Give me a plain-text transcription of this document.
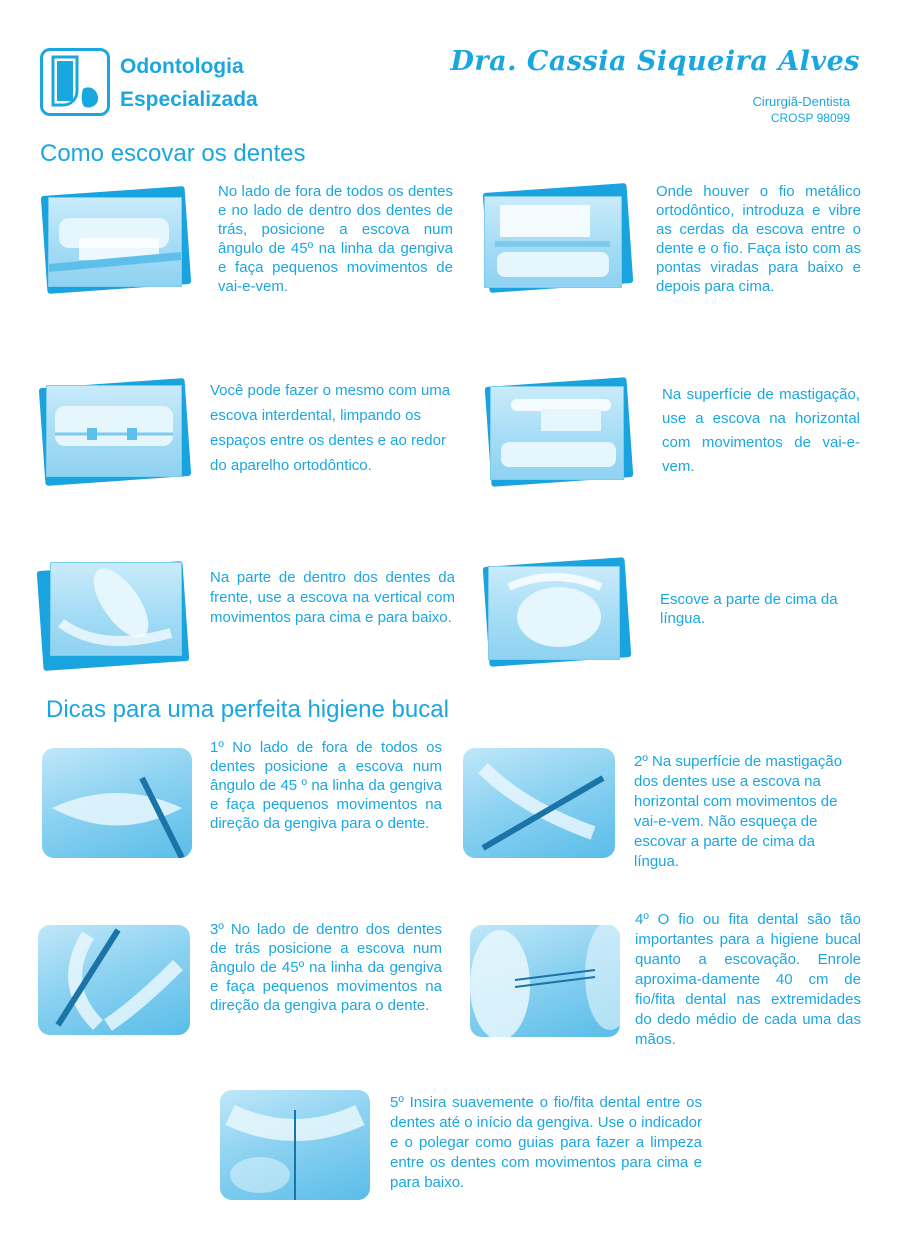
Odontologia
Especializada
Dra. Cassia Siqueira Alves
Cirurgiã-Dentista
CROSP 98099
Como escovar os dentes
No lado de fora de todos os dentes e no lado de dentro dos dentes de trás, posicione a escova num ângulo de 45º na linha da gengiva e faça pequenos movimentos de vai-e-vem.
Onde houver o fio metálico ortodôntico, introduza e vibre as cerdas da escova entre o dente e o fio. Faça isto com as pontas viradas para baixo e depois para cima.
Você pode fazer o mesmo com uma escova interdental, limpando os espaços entre os dentes e ao redor do aparelho ortodôntico.
Na superfície de mastigação, use a escova na horizontal com movimentos de vai-e-vem.
Na parte de dentro dos dentes da frente, use a escova na vertical com movimentos para cima e para baixo.
Escove a parte de cima da língua.
Dicas para uma perfeita higiene bucal
1º No lado de fora de todos os dentes posicione a escova num ângulo de 45 º na linha da gengiva e faça pequenos movimentos na direção da gengiva para o dente.
2º Na superfície de mastigação dos dentes use a escova na horizontal com movimentos de vai-e-vem. Não esqueça de escovar a parte de cima da língua.
3º No lado de dentro dos dentes de trás posicione a escova num ângulo de 45º na linha da gengiva e faça pequenos movimentos na direção da gengiva para o dente.
4º O fio ou fita dental são tão importantes para a higiene bucal quanto a escovação. Enrole aproxima-damente 40 cm de fio/fita dental nas extremidades do dedo médio de cada uma das mãos.
5º Insira suavemente o fio/fita dental entre os dentes até o início da gengiva. Use o indicador e o polegar como guias para fazer a limpeza entre os dentes com movimentos para cima e para baixo.
